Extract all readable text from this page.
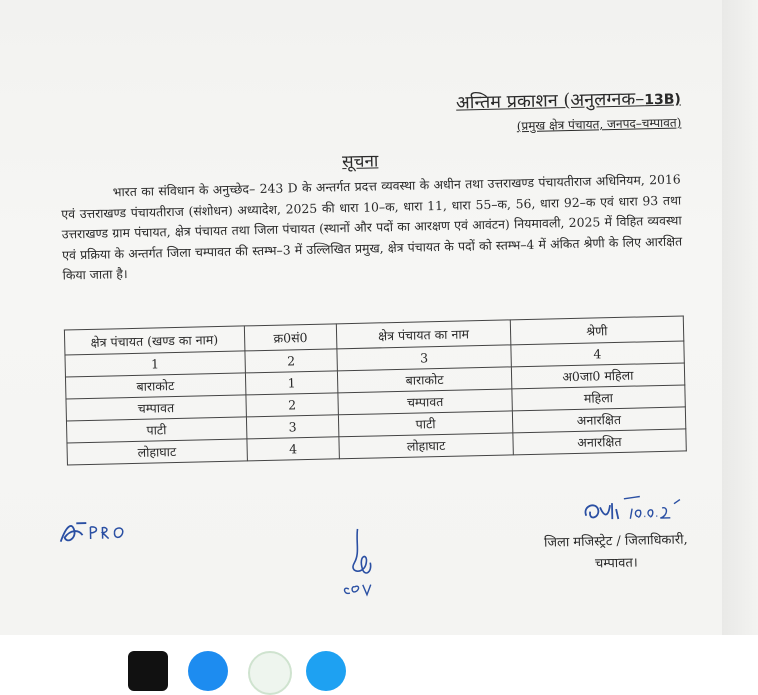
अन्तिम प्रकाशन (अनुलग्नक–13B)
(प्रमुख क्षेत्र पंचायत, जनपद–चम्पावत)
सूचना
भारत का संविधान के अनुच्छेद– 243 D के अन्तर्गत प्रदत्त व्यवस्था के अधीन तथा उत्तराखण्ड पंचायतीराज अधिनियम, 2016 एवं उत्तराखण्ड पंचायतीराज (संशोधन) अध्यादेश, 2025 की धारा 10–क, धारा 11, धारा 55–क, 56, धारा 92–क एवं धारा 93 तथा उत्तराखण्ड ग्राम पंचायत, क्षेत्र पंचायत तथा जिला पंचायत (स्थानों और पदों का आरक्षण एवं आवंटन) नियमावली, 2025 में विहित व्यवस्था एवं प्रक्रिया के अन्तर्गत जिला चम्पावत की स्तम्भ–3 में उल्लिखित प्रमुख, क्षेत्र पंचायत के पदों को स्तम्भ–4 में अंकित श्रेणी के लिए आरक्षित किया जाता है।
क्षेत्र पंचायत (खण्ड का नाम)	क्र0सं0	क्षेत्र पंचायत का नाम	श्रेणी
1	2	3	4
बाराकोट	1	बाराकोट	अ0जा0 महिला
चम्पावत	2	चम्पावत	महिला
पाटी	3	पाटी	अनारक्षित
लोहाघाट	4	लोहाघाट	अनारक्षित
जिला मजिस्ट्रेट / जिलाधिकारी,
चम्पावत।
